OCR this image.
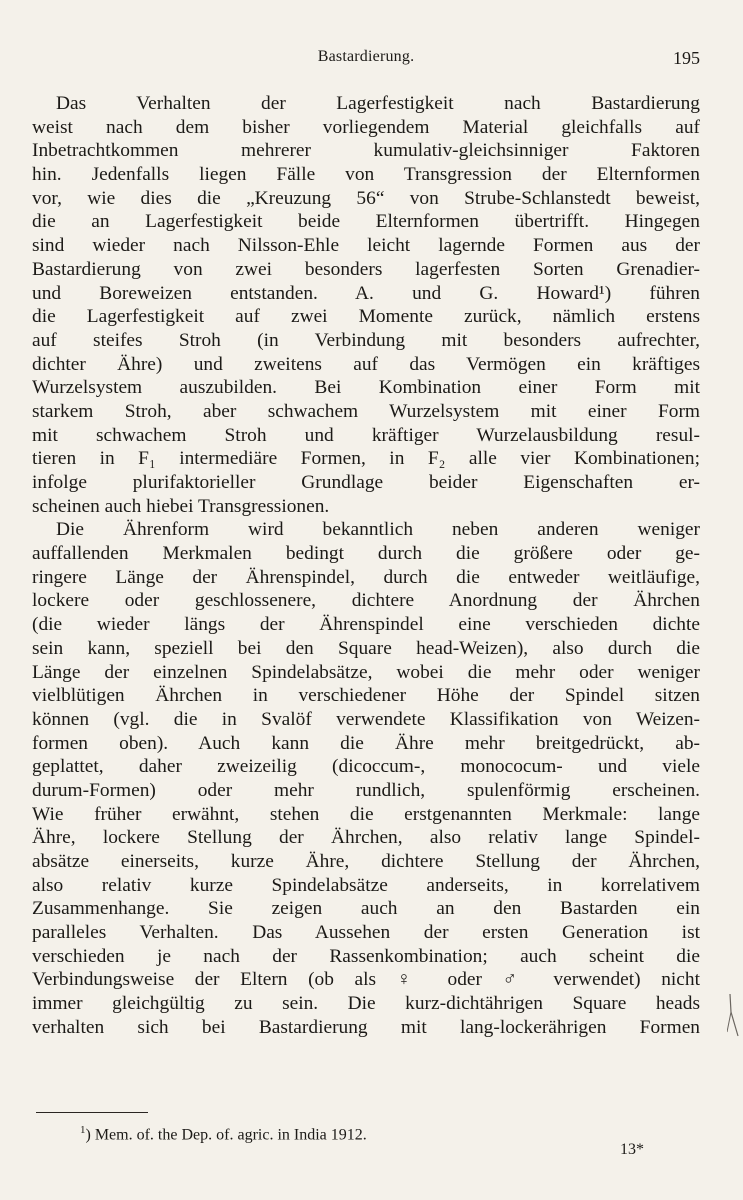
Bastardierung.	195
Das Verhalten der Lagerfestigkeit nach Bastardierung
weist nach dem bisher vorliegendem Material gleichfalls auf
Inbetrachtkommen mehrerer kumulativ-gleichsinniger Faktoren
hin. Jedenfalls liegen Fälle von Transgression der Elternformen
vor, wie dies die „Kreuzung 56“ von Strube-Schlanstedt beweist,
die an Lagerfestigkeit beide Elternformen übertrifft. Hingegen
sind wieder nach Nilsson-Ehle leicht lagernde Formen aus der
Bastardierung von zwei besonders lagerfesten Sorten Grenadier-
und Boreweizen entstanden. A. und G. Howard¹) führen
die Lagerfestigkeit auf zwei Momente zurück, nämlich erstens
auf steifes Stroh (in Verbindung mit besonders aufrechter,
dichter Ähre) und zweitens auf das Vermögen ein kräftiges
Wurzelsystem auszubilden. Bei Kombination einer Form mit
starkem Stroh, aber schwachem Wurzelsystem mit einer Form
mit schwachem Stroh und kräftiger Wurzelausbildung resul-
tieren in F₁ intermediäre Formen, in F₂ alle vier Kombinationen;
infolge plurifaktorieller Grundlage beider Eigenschaften er-
scheinen auch hiebei Transgressionen.
Die Ährenform wird bekanntlich neben anderen weniger
auffallenden Merkmalen bedingt durch die größere oder ge-
ringere Länge der Ährenspindel, durch die entweder weitläufige,
lockere oder geschlossenere, dichtere Anordnung der Ährchen
(die wieder längs der Ährenspindel eine verschieden dichte
sein kann, speziell bei den Square head-Weizen), also durch die
Länge der einzelnen Spindelabsätze, wobei die mehr oder weniger
vielblütigen Ährchen in verschiedener Höhe der Spindel sitzen
können (vgl. die in Svalöf verwendete Klassifikation von Weizen-
formen oben). Auch kann die Ähre mehr breitgedrückt, ab-
geplattet, daher zweizeilig (dicoccum-, monococum- und viele
durum-Formen) oder mehr rundlich, spulenförmig erscheinen.
Wie früher erwähnt, stehen die erstgenannten Merkmale: lange
Ähre, lockere Stellung der Ährchen, also relativ lange Spindel-
absätze einerseits, kurze Ähre, dichtere Stellung der Ährchen,
also relativ kurze Spindelabsätze anderseits, in korrelativem
Zusammenhange. Sie zeigen auch an den Bastarden ein
paralleles Verhalten. Das Aussehen der ersten Generation ist
verschieden je nach der Rassenkombination; auch scheint die
Verbindungsweise der Eltern (ob als ♀ oder ♂ verwendet) nicht
immer gleichgültig zu sein. Die kurz-dichtährigen Square heads
verhalten sich bei Bastardierung mit lang-lockerährigen Formen
$^1$) Mem. of. the Dep. of. agric. in India 1912.
13*
